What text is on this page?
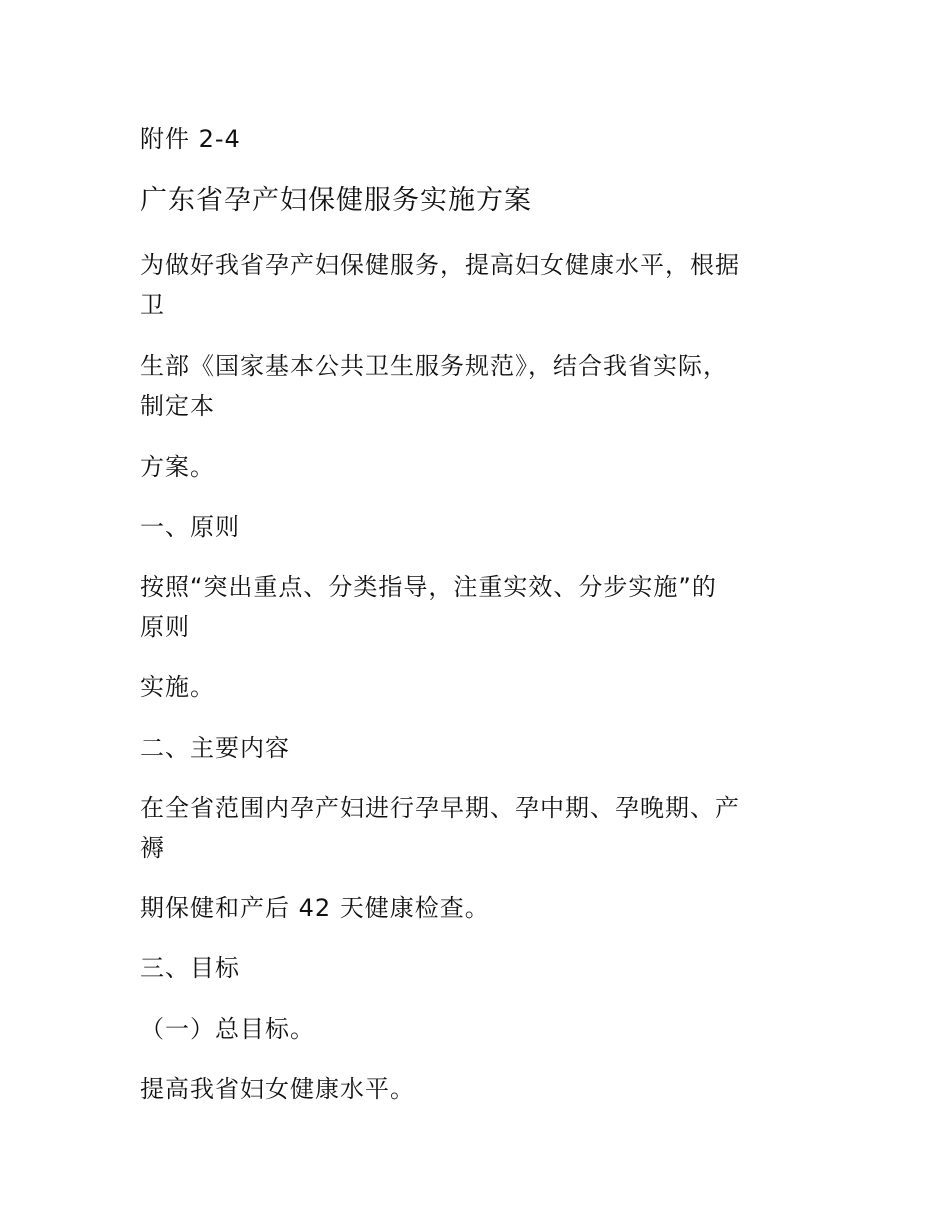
附件 2-4
广东省孕产妇保健服务实施方案
为做好我省孕产妇保健服务，提高妇女健康水平，根据
卫
生部《国家基本公共卫生服务规范》，结合我省实际，
制定本
方案。
一、原则
按照“突出重点、分类指导，注重实效、分步实施”的
原则
实施。
二、主要内容
在全省范围内孕产妇进行孕早期、孕中期、孕晚期、产
褥
期保健和产后 42 天健康检查。
三、目标
（一）总目标。
提高我省妇女健康水平。
